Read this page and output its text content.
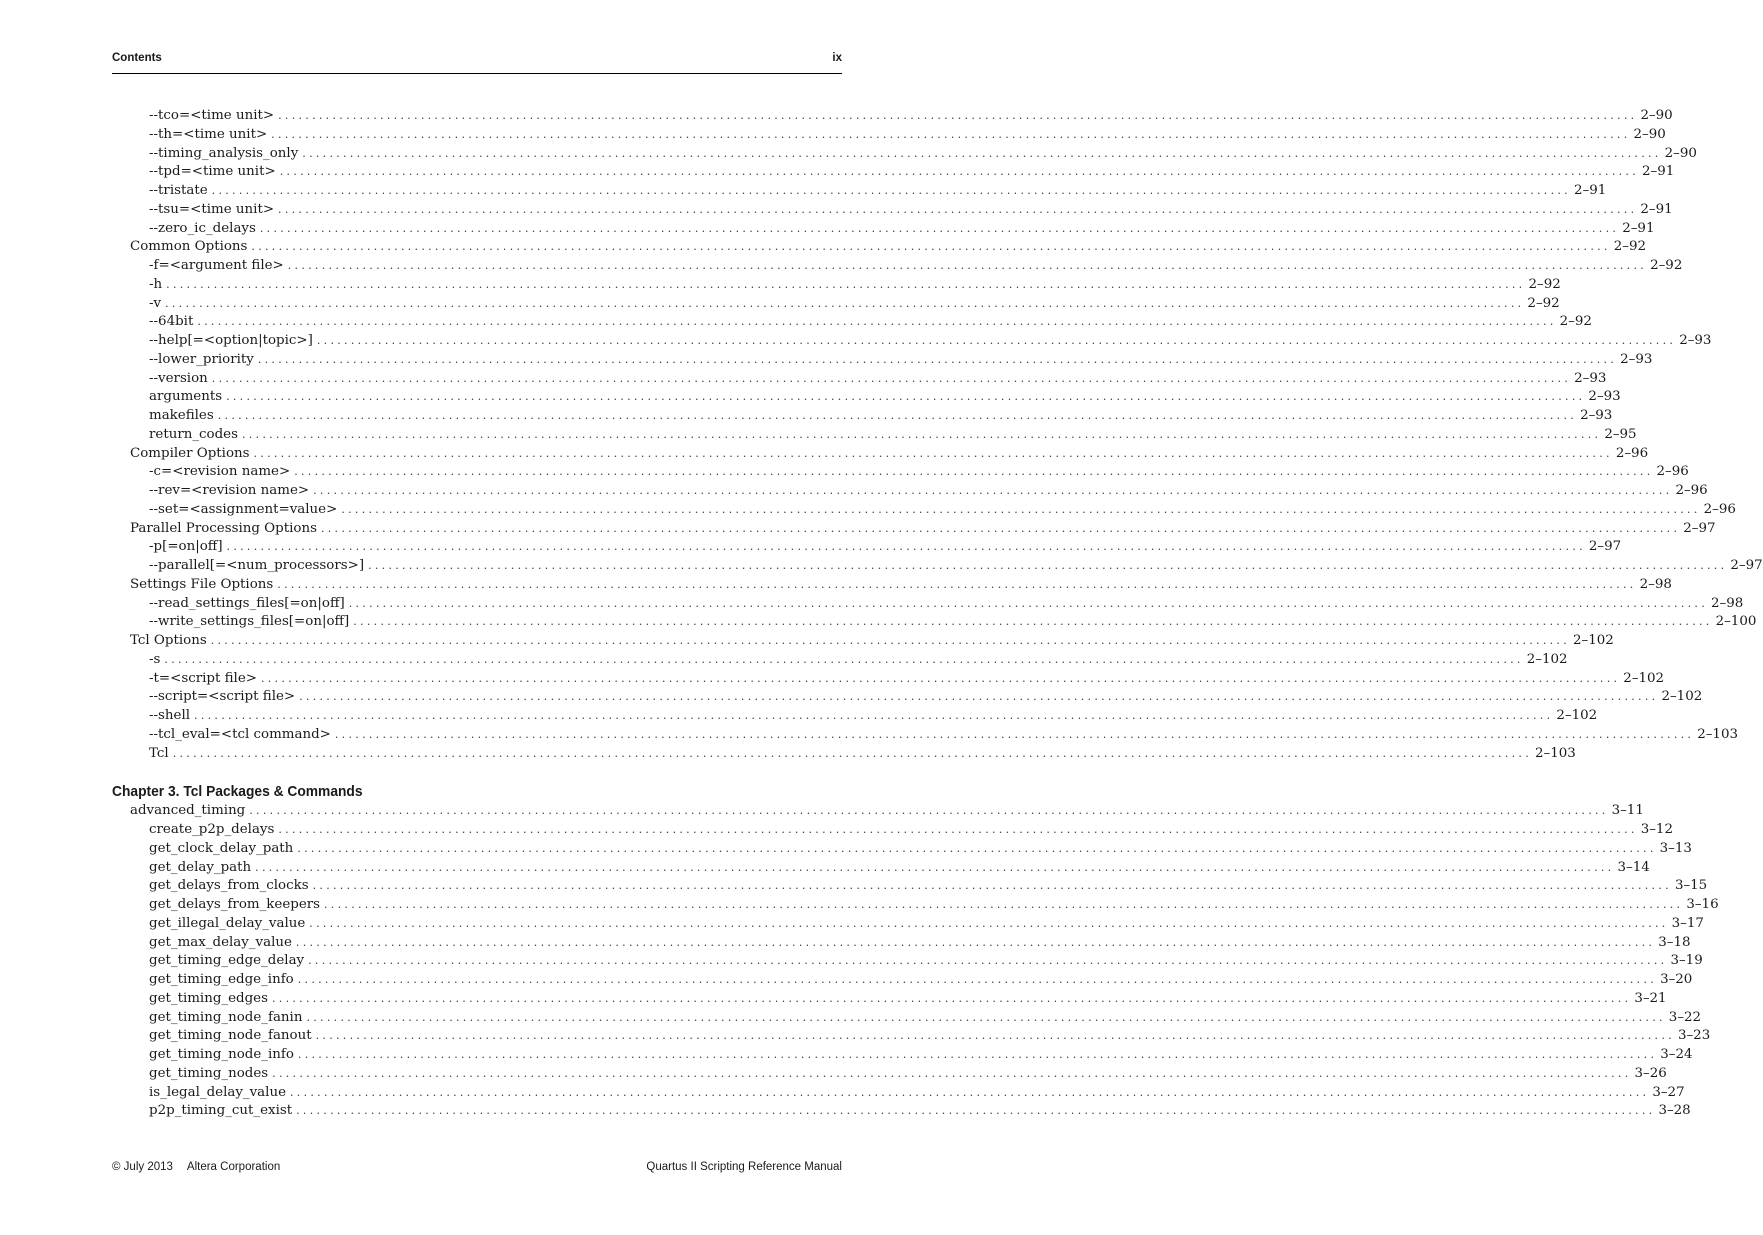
Contents	ix
--tco=<time unit> ........................................................................................................................................................................................................ 2–90
--th=<time unit> ........................................................................................................................................................................................................ 2–90
--timing_analysis_only ........................................................................................................................................................................................................ 2–90
--tpd=<time unit> ........................................................................................................................................................................................................ 2–91
--tristate ........................................................................................................................................................................................................ 2–91
--tsu=<time unit> ........................................................................................................................................................................................................ 2–91
--zero_ic_delays ........................................................................................................................................................................................................ 2–91
Common Options ........................................................................................................................................................................................................ 2–92
-f=<argument file> ........................................................................................................................................................................................................ 2–92
-h ........................................................................................................................................................................................................ 2–92
-v ........................................................................................................................................................................................................ 2–92
--64bit ........................................................................................................................................................................................................ 2–92
--help[=<option|topic>] ........................................................................................................................................................................................................ 2–93
--lower_priority ........................................................................................................................................................................................................ 2–93
--version ........................................................................................................................................................................................................ 2–93
arguments ........................................................................................................................................................................................................ 2–93
makefiles ........................................................................................................................................................................................................ 2–93
return_codes ........................................................................................................................................................................................................ 2–95
Compiler Options ........................................................................................................................................................................................................ 2–96
-c=<revision name> ........................................................................................................................................................................................................ 2–96
--rev=<revision name> ........................................................................................................................................................................................................ 2–96
--set=<assignment=value> ........................................................................................................................................................................................................ 2–96
Parallel Processing Options ........................................................................................................................................................................................................ 2–97
-p[=on|off] ........................................................................................................................................................................................................ 2–97
--parallel[=<num_processors>] ........................................................................................................................................................................................................ 2–97
Settings File Options ........................................................................................................................................................................................................ 2–98
--read_settings_files[=on|off] ........................................................................................................................................................................................................ 2–98
--write_settings_files[=on|off] ........................................................................................................................................................................................................ 2–100
Tcl Options ........................................................................................................................................................................................................ 2–102
-s ........................................................................................................................................................................................................ 2–102
-t=<script file> ........................................................................................................................................................................................................ 2–102
--script=<script file> ........................................................................................................................................................................................................ 2–102
--shell ........................................................................................................................................................................................................ 2–102
--tcl_eval=<tcl command> ........................................................................................................................................................................................................ 2–103
Tcl ........................................................................................................................................................................................................ 2–103
Chapter 3. Tcl Packages & Commands
advanced_timing ........................................................................................................................................................................................................ 3–11
create_p2p_delays ........................................................................................................................................................................................................ 3–12
get_clock_delay_path ........................................................................................................................................................................................................ 3–13
get_delay_path ........................................................................................................................................................................................................ 3–14
get_delays_from_clocks ........................................................................................................................................................................................................ 3–15
get_delays_from_keepers ........................................................................................................................................................................................................ 3–16
get_illegal_delay_value ........................................................................................................................................................................................................ 3–17
get_max_delay_value ........................................................................................................................................................................................................ 3–18
get_timing_edge_delay ........................................................................................................................................................................................................ 3–19
get_timing_edge_info ........................................................................................................................................................................................................ 3–20
get_timing_edges ........................................................................................................................................................................................................ 3–21
get_timing_node_fanin ........................................................................................................................................................................................................ 3–22
get_timing_node_fanout ........................................................................................................................................................................................................ 3–23
get_timing_node_info ........................................................................................................................................................................................................ 3–24
get_timing_nodes ........................................................................................................................................................................................................ 3–26
is_legal_delay_value ........................................................................................................................................................................................................ 3–27
p2p_timing_cut_exist ........................................................................................................................................................................................................ 3–28
© July 2013 Altera Corporation	Quartus II Scripting Reference Manual
